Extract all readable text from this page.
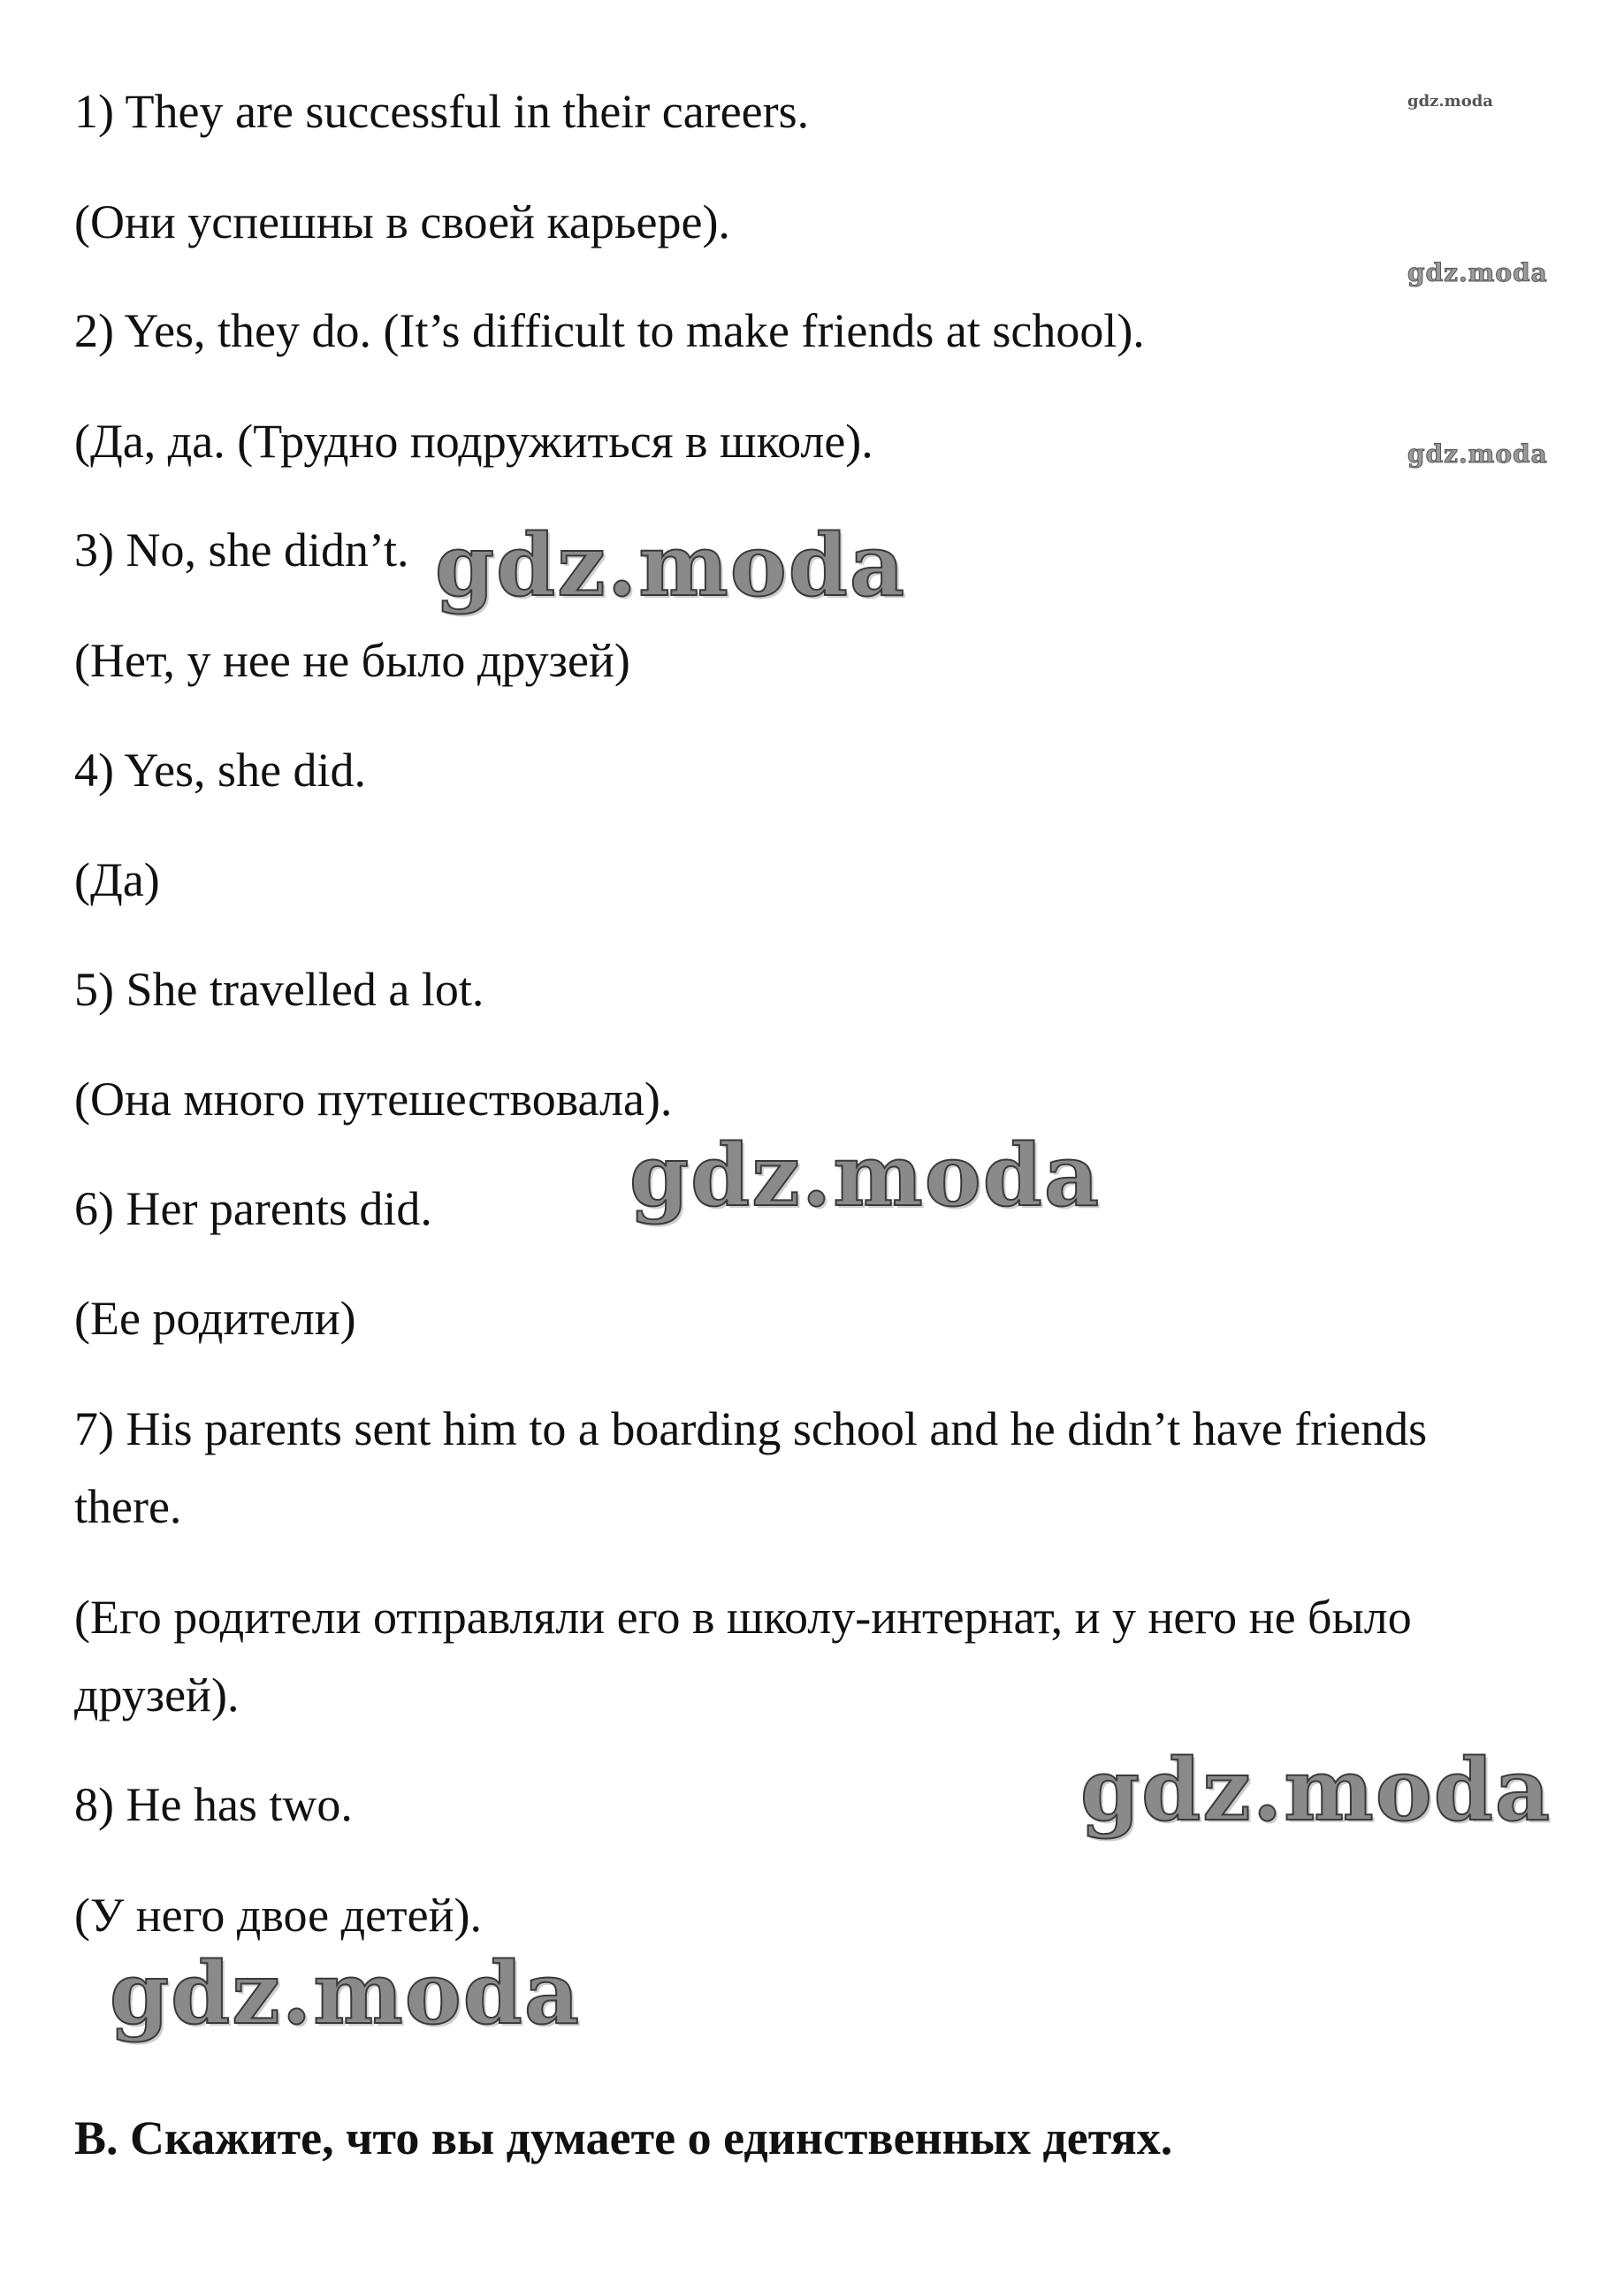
1) They are successful in their careers.

(Они успешны в своей карьере).

2) Yes, they do. (It’s difficult to make friends at school).

(Да, да. (Трудно подружиться в школе).

3) No, she didn’t.

(Нет, у нее не было друзей)

4) Yes, she did.

(Да)

5) She travelled a lot.

(Она много путешествовала).

6) Her parents did.

(Ее родители)

7) His parents sent him to a boarding school and he didn’t have friends

there.

(Его родители отправляли его в школу-интернат, и у него не было

друзей).

8) He has two.

(У него двое детей).

B. Скажите, что вы думаете о единственных детях.

gdz.moda

gdz.moda

gdz.moda

gdz.moda

gdz.moda

gdz.moda

gdz.moda
